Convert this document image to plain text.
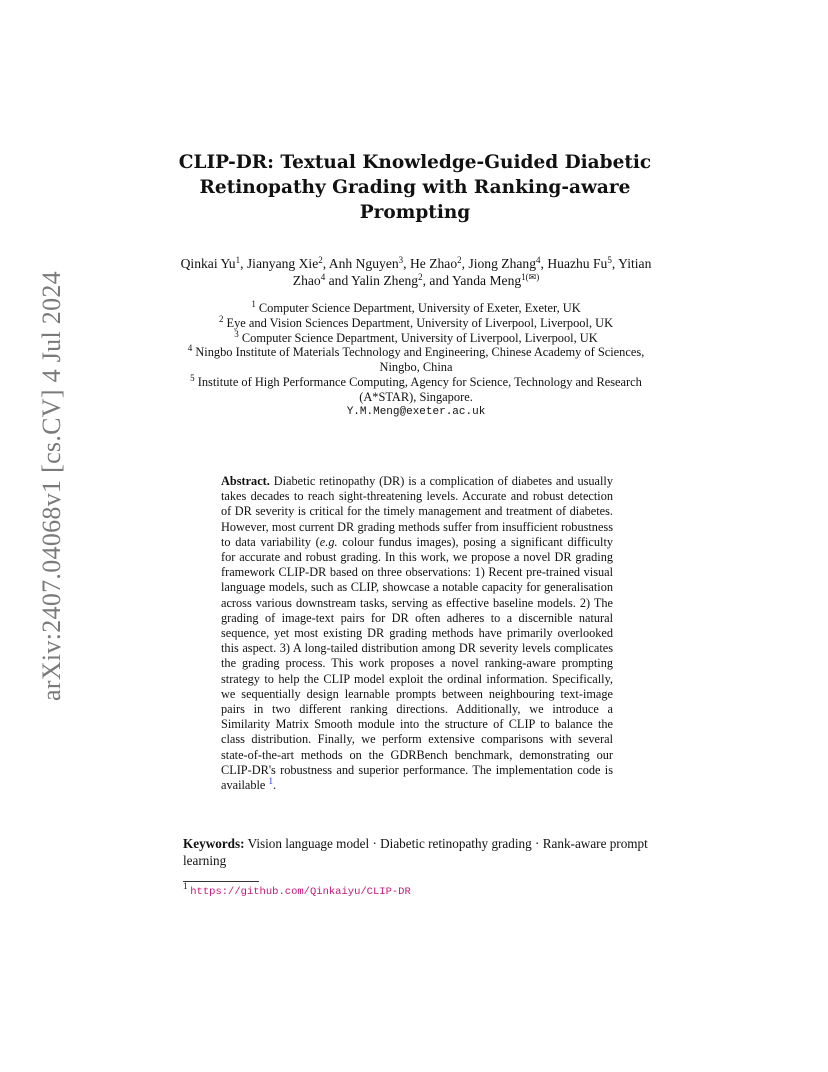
arXiv:2407.04068v1 [cs.CV] 4 Jul 2024
CLIP-DR: Textual Knowledge-Guided Diabetic Retinopathy Grading with Ranking-aware Prompting
Qinkai Yu$^1$, Jianyang Xie$^2$, Anh Nguyen$^3$, He Zhao$^2$, Jiong Zhang$^4$, Huazhu Fu$^5$, Yitian Zhao$^4$ and Yalin Zheng$^2$, and Yanda Meng$^{1(✉)}$
$^1$ Computer Science Department, University of Exeter, Exeter, UK
$^2$ Eye and Vision Sciences Department, University of Liverpool, Liverpool, UK
$^3$ Computer Science Department, University of Liverpool, Liverpool, UK
$^4$ Ningbo Institute of Materials Technology and Engineering, Chinese Academy of Sciences, Ningbo, China
$^5$ Institute of High Performance Computing, Agency for Science, Technology and Research (A*STAR), Singapore.
Y.M.Meng@exeter.ac.uk

Abstract. Diabetic retinopathy (DR) is a complication of diabetes and usually takes decades to reach sight-threatening levels. Accurate and robust detection of DR severity is critical for the timely management and treatment of diabetes. However, most current DR grading methods suffer from insufficient robustness to data variability (e.g. colour fundus images), posing a significant difficulty for accurate and robust grading. In this work, we propose a novel DR grading framework CLIP-DR based on three observations: 1) Recent pre-trained visual language models, such as CLIP, showcase a notable capacity for generalisation across various downstream tasks, serving as effective baseline models. 2) The grading of image-text pairs for DR often adheres to a discernible natural sequence, yet most existing DR grading methods have primarily overlooked this aspect. 3) A long-tailed distribution among DR severity levels complicates the grading process. This work proposes a novel ranking-aware prompting strategy to help the CLIP model exploit the ordinal information. Specifically, we sequentially design learnable prompts between neighbouring text-image pairs in two different ranking directions. Additionally, we introduce a Similarity Matrix Smooth module into the structure of CLIP to balance the class distribution. Finally, we perform extensive comparisons with several state-of-the-art methods on the GDRBench benchmark, demonstrating our CLIP-DR's robustness and superior performance. The implementation code is available $^1$.

Keywords: Vision language model · Diabetic retinopathy grading · Rank-aware prompt learning

$^1$ https://github.com/Qinkaiyu/CLIP-DR
